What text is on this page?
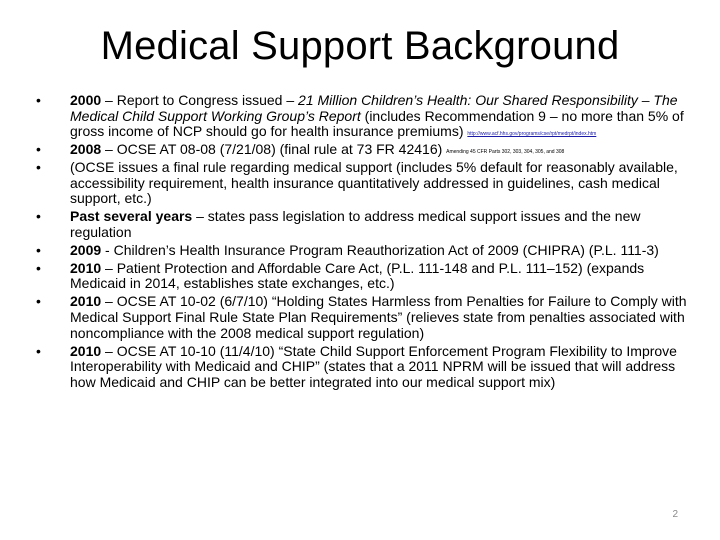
Medical Support Background
•	2000 – Report to Congress issued – 21 Million Children’s Health: Our Shared Responsibility – The Medical Child Support Working Group’s Report (includes Recommendation 9 – no more than 5% of gross income of NCP should go for health insurance premiums) http://www.acf.hhs.gov/programs/cse/rpt/medrpt/index.htm
•	2008 – OCSE AT 08-08 (7/21/08) (final rule at 73 FR 42416) Amending 45 CFR Parts 302, 303, 304, 305, and 308
•	(OCSE issues a final rule regarding medical support (includes 5% default for reasonably available, accessibility requirement, health insurance quantitatively addressed in guidelines, cash medical support, etc.)
•	Past several years – states pass legislation to address medical support issues and the new regulation
•	2009 - Children’s Health Insurance Program Reauthorization Act of 2009 (CHIPRA) (P.L. 111-3)
•	2010 – Patient Protection and Affordable Care Act, (P.L. 111-148 and P.L. 111–152) (expands Medicaid in 2014, establishes state exchanges, etc.)
•	2010 – OCSE AT 10-02 (6/7/10) “Holding States Harmless from Penalties for Failure to Comply with Medical Support Final Rule State Plan Requirements” (relieves state from penalties associated with noncompliance with the 2008 medical support regulation)
•	2010 – OCSE AT 10-10 (11/4/10) “State Child Support Enforcement Program Flexibility to Improve Interoperability with Medicaid and CHIP” (states that a 2011 NPRM will be issued that will address how Medicaid and CHIP can be better integrated into our medical support mix)
2
